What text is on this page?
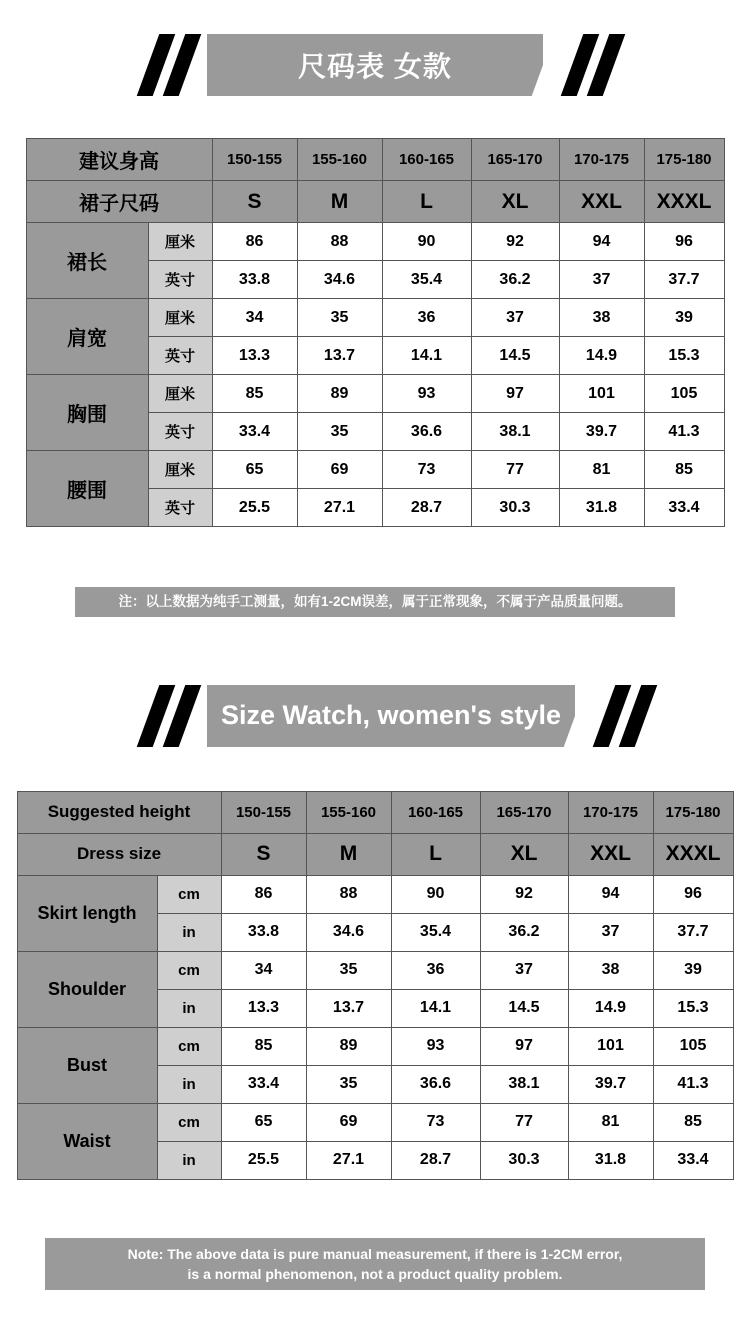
尺码表 女款
建议身高		150-155	155-160	160-165	165-170	170-175	175-180
裙子尺码		S	M	L	XL	XXL	XXXL
裙长	厘米	86	88	90	92	94	96
	英寸	33.8	34.6	35.4	36.2	37	37.7
肩宽	厘米	34	35	36	37	38	39
	英寸	13.3	13.7	14.1	14.5	14.9	15.3
胸围	厘米	85	89	93	97	101	105
	英寸	33.4	35	36.6	38.1	39.7	41.3
腰围	厘米	65	69	73	77	81	85
	英寸	25.5	27.1	28.7	30.3	31.8	33.4
注：以上数据为纯手工测量，如有1-2CM误差，属于正常现象，不属于产品质量问题。
Size Watch, women's style
Suggested height		150-155	155-160	160-165	165-170	170-175	175-180
Dress size		S	M	L	XL	XXL	XXXL
Skirt length	cm	86	88	90	92	94	96
	in	33.8	34.6	35.4	36.2	37	37.7
Shoulder	cm	34	35	36	37	38	39
	in	13.3	13.7	14.1	14.5	14.9	15.3
Bust	cm	85	89	93	97	101	105
	in	33.4	35	36.6	38.1	39.7	41.3
Waist	cm	65	69	73	77	81	85
	in	25.5	27.1	28.7	30.3	31.8	33.4
Note: The above data is pure manual measurement, if there is 1-2CM error,
is a normal phenomenon, not a product quality problem.
